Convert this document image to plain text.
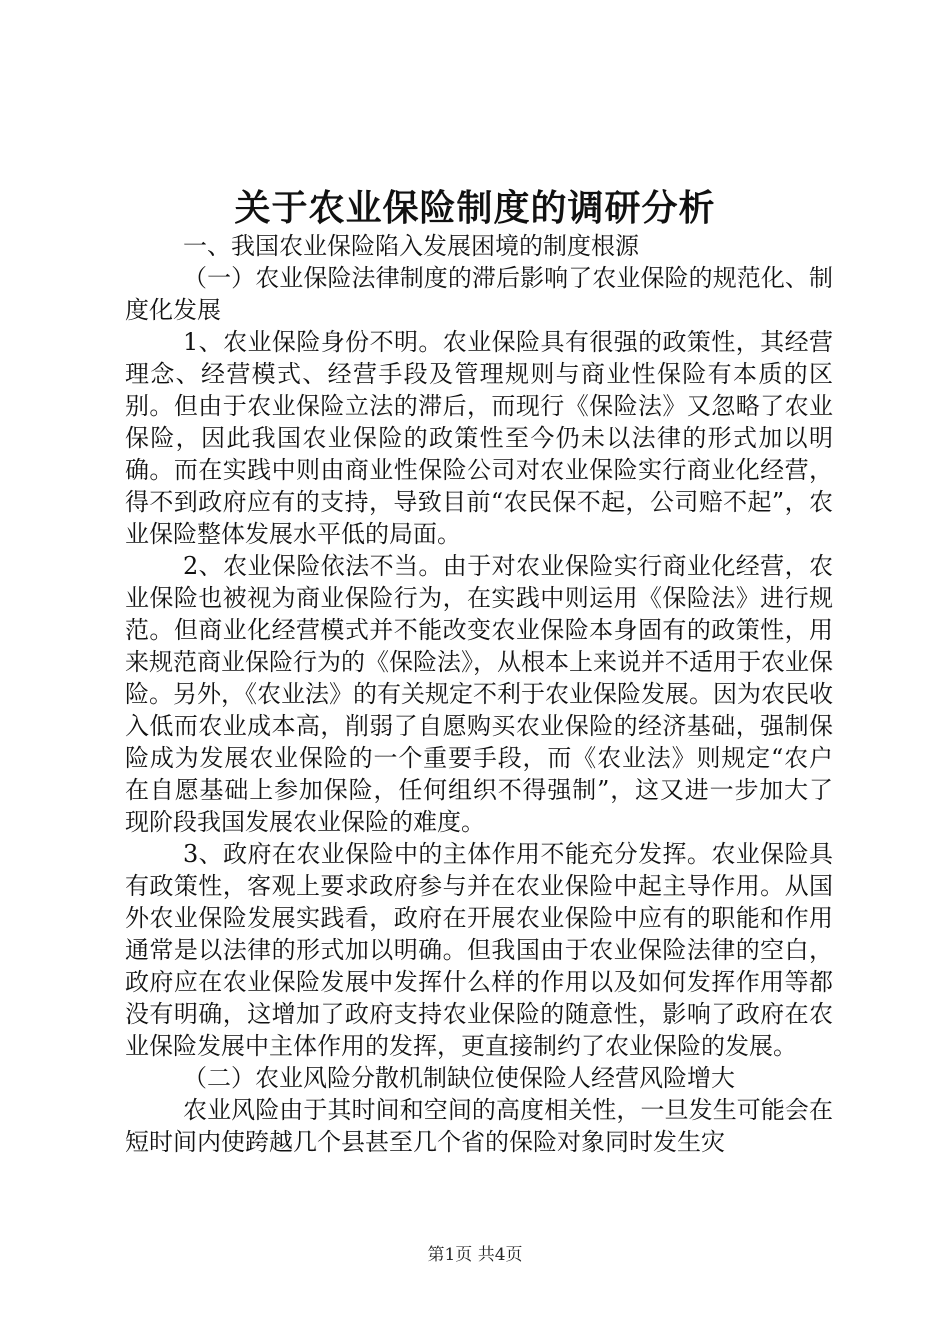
关于农业保险制度的调研分析

一、我国农业保险陷入发展困境的制度根源

（一）农业保险法律制度的滞后影响了农业保险的规范化、制度化发展

1、农业保险身份不明。农业保险具有很强的政策性，其经营理念、经营模式、经营手段及管理规则与商业性保险有本质的区别。但由于农业保险立法的滞后，而现行《保险法》又忽略了农业保险，因此我国农业保险的政策性至今仍未以法律的形式加以明确。而在实践中则由商业性保险公司对农业保险实行商业化经营，得不到政府应有的支持，导致目前“农民保不起，公司赔不起”，农业保险整体发展水平低的局面。

2、农业保险依法不当。由于对农业保险实行商业化经营，农业保险也被视为商业保险行为，在实践中则运用《保险法》进行规范。但商业化经营模式并不能改变农业保险本身固有的政策性，用来规范商业保险行为的《保险法》，从根本上来说并不适用于农业保险。另外，《农业法》的有关规定不利于农业保险发展。因为农民收入低而农业成本高，削弱了自愿购买农业保险的经济基础，强制保险成为发展农业保险的一个重要手段，而《农业法》则规定“农户在自愿基础上参加保险，任何组织不得强制”，这又进一步加大了现阶段我国发展农业保险的难度。

3、政府在农业保险中的主体作用不能充分发挥。农业保险具有政策性，客观上要求政府参与并在农业保险中起主导作用。从国外农业保险发展实践看，政府在开展农业保险中应有的职能和作用通常是以法律的形式加以明确。但我国由于农业保险法律的空白，政府应在农业保险发展中发挥什么样的作用以及如何发挥作用等都没有明确，这增加了政府支持农业保险的随意性，影响了政府在农业保险发展中主体作用的发挥，更直接制约了农业保险的发展。

（二）农业风险分散机制缺位使保险人经营风险增大

农业风险由于其时间和空间的高度相关性，一旦发生可能会在短时间内使跨越几个县甚至几个省的保险对象同时发生灾

第1页 共4页
